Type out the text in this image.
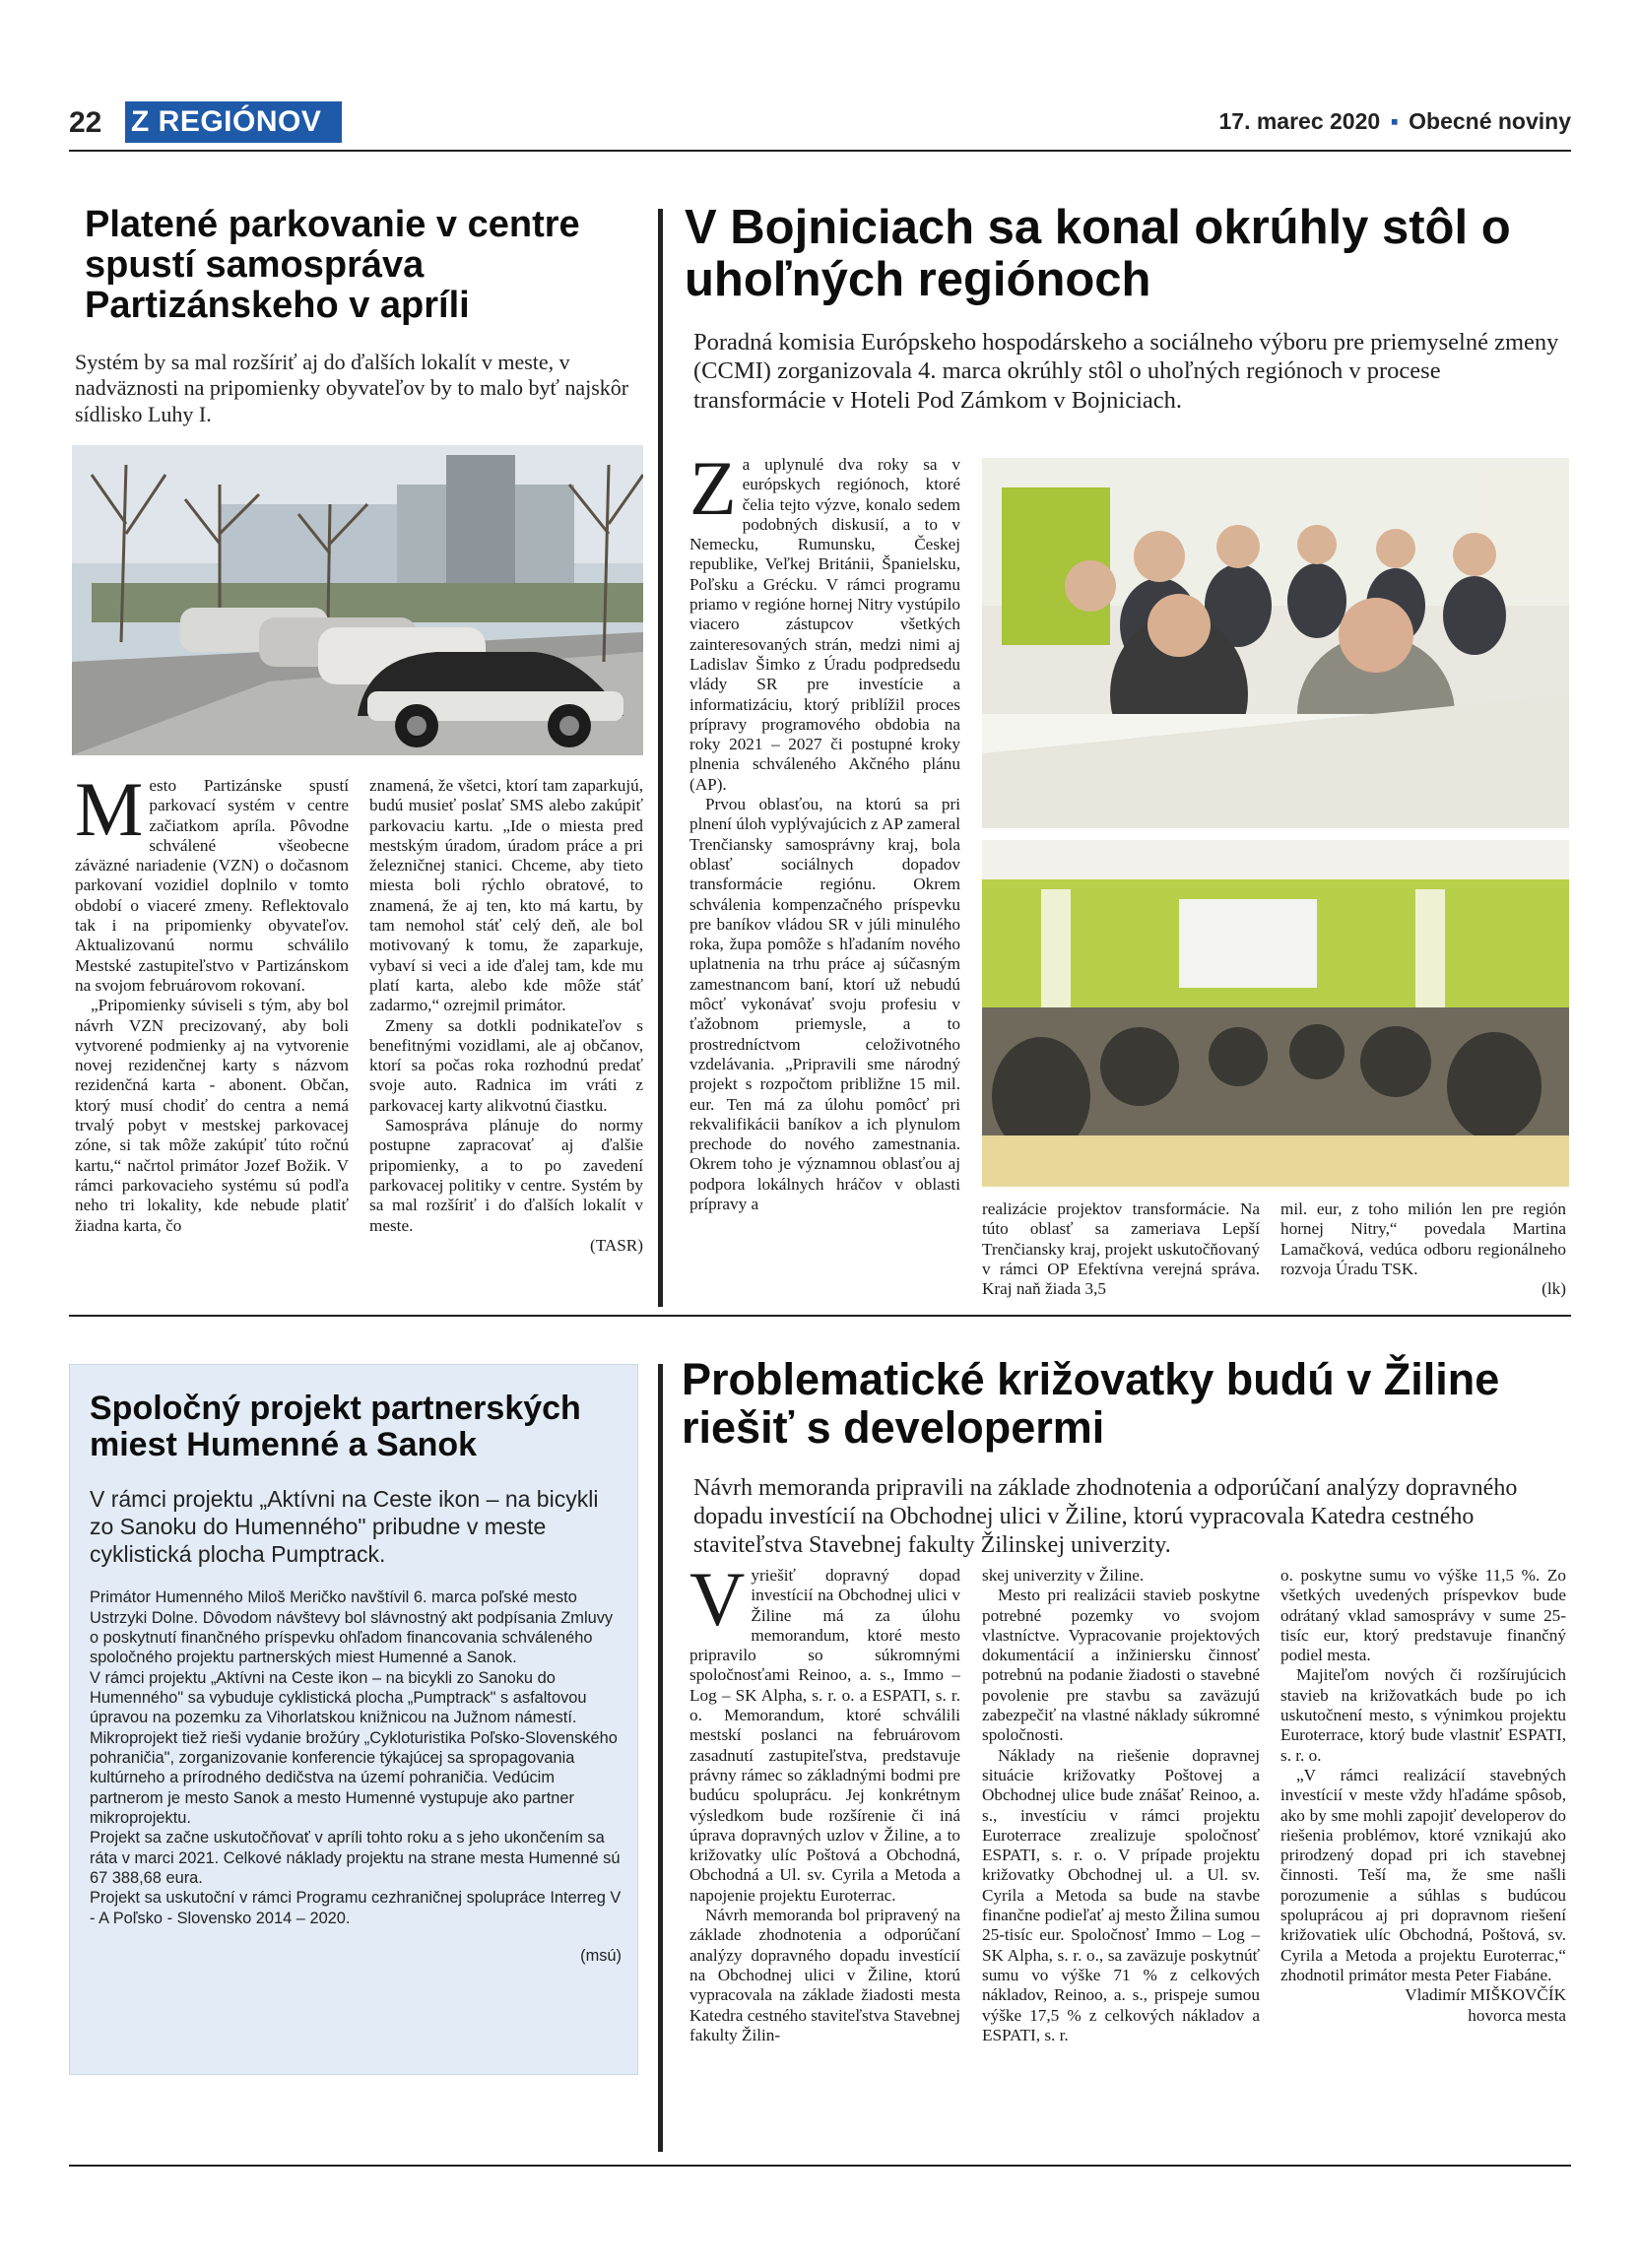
22 Z REGIÓNOV	17. marec 2020 ▪ Obecné noviny
Platené parkovanie v centre spustí samospráva Partizánskeho v apríli

Systém by sa mal rozšíriť aj do ďalších lokalít v meste, v nadväznosti na pripomienky obyvateľov by to malo byť najskôr sídlisko Luhy I.

Mesto Partizánske spustí parkovací systém v centre začiatkom apríla. Pôvodne schválené všeobecne záväzné nariadenie (VZN) o dočasnom parkovaní vozidiel doplnilo v tomto období o viaceré zmeny. Reflektovalo tak i na pripomienky obyvateľov. Aktualizovanú normu schválilo Mestské zastupiteľstvo v Partizánskom na svojom februárovom rokovaní.

„Pripomienky súviseli s tým, aby bol návrh VZN precizovaný, aby boli vytvorené podmienky aj na vytvorenie novej rezidenčnej karty s názvom rezidenčná karta - abonent. Občan, ktorý musí chodiť do centra a nemá trvalý pobyt v mestskej parkovacej zóne, si tak môže zakúpiť túto ročnú kartu,“ načrtol primátor Jozef Božik. V rámci parkovacieho systému sú podľa neho tri lokality, kde nebude platiť žiadna karta, čo

znamená, že všetci, ktorí tam zaparkujú, budú musieť poslať SMS alebo zakúpiť parkovaciu kartu. „Ide o miesta pred mestským úradom, úradom práce a pri železničnej stanici. Chceme, aby tieto miesta boli rýchlo obratové, to znamená, že aj ten, kto má kartu, by tam nemohol stáť celý deň, ale bol motivovaný k tomu, že zaparkuje, vybaví si veci a ide ďalej tam, kde mu platí karta, alebo kde môže stáť zadarmo,“ ozrejmil primátor.

Zmeny sa dotkli podnikateľov s benefitnými vozidlami, ale aj občanov, ktorí sa počas roka rozhodnú predať svoje auto. Radnica im vráti z parkovacej karty alikvotnú čiastku.

Samospráva plánuje do normy postupne zapracovať aj ďalšie pripomienky, a to po zavedení parkovacej politiky v centre. Systém by sa mal rozšíriť i do ďalších lokalít v meste.

(TASR)

V Bojniciach sa konal okrúhly stôl o uhoľných regiónoch

Poradná komisia Európskeho hospodárskeho a sociálneho výboru pre priemyselné zmeny (CCMI) zorganizovala 4. marca okrúhly stôl o uhoľných regiónoch v procese transformácie v Hoteli Pod Zámkom v Bojniciach.

Za uplynulé dva roky sa v európskych regiónoch, ktoré čelia tejto výzve, konalo sedem podobných diskusií, a to v Nemecku, Rumunsku, Českej republike, Veľkej Británii, Španielsku, Poľsku a Grécku. V rámci programu priamo v regióne hornej Nitry vystúpilo viacero zástupcov všetkých zainteresovaných strán, medzi nimi aj Ladislav Šimko z Úradu podpredsedu vlády SR pre investície a informatizáciu, ktorý priblížil proces prípravy programového obdobia na roky 2021 – 2027 či postupné kroky plnenia schváleného Akčného plánu (AP).

Prvou oblasťou, na ktorú sa pri plnení úloh vyplývajúcich z AP zameral Trenčiansky samosprávny kraj, bola oblasť sociálnych dopadov transformácie regiónu. Okrem schválenia kompenzačného príspevku pre baníkov vládou SR v júli minulého roka, župa pomôže s hľadaním nového uplatnenia na trhu práce aj súčasným zamestnancom baní, ktorí už nebudú môcť vykonávať svoju profesiu v ťažobnom priemysle, a to prostredníctvom celoživotného vzdelávania. „Pripravili sme národný projekt s rozpočtom približne 15 mil. eur. Ten má za úlohu pomôcť pri rekvalifikácii baníkov a ich plynulom prechode do nového zamestnania. Okrem toho je významnou oblasťou aj podpora lokálnych hráčov v oblasti prípravy a	realizácie projektov transformácie. Na túto oblasť sa zameriava Lepší Trenčiansky kraj, projekt uskutočňovaný v rámci OP Efektívna verejná správa. Kraj naň žiada 3,5

mil. eur, z toho milión len pre región hornej Nitry,“ povedala Martina Lamačková, vedúca odboru regionálneho rozvoja Úradu TSK.

(lk)

Spoločný projekt partnerských miest Humenné a Sanok

V rámci projektu „Aktívni na Ceste ikon – na bicykli zo Sanoku do Humenného" pribudne v meste cyklistická plocha Pumptrack.

Primátor Humenného Miloš Meričko navštívil 6. marca poľské mesto Ustrzyki Dolne. Dôvodom návštevy bol slávnostný akt podpísania Zmluvy o poskytnutí finančného príspevku ohľadom financovania schváleného spoločného projektu partnerských miest Humenné a Sanok.

V rámci projektu „Aktívni na Ceste ikon – na bicykli zo Sanoku do Humenného" sa vybuduje cyklistická plocha „Pumptrack" s asfaltovou úpravou na pozemku za Vihorlatskou knižnicou na Južnom námestí. Mikroprojekt tiež rieši vydanie brožúry „Cykloturistika Poľsko-Slovenského pohraničia", zorganizovanie konferencie týkajúcej sa spropagovania kultúrneho a prírodného dedičstva na území pohraničia. Vedúcim partnerom je mesto Sanok a mesto Humenné vystupuje ako partner mikroprojektu.

Projekt sa začne uskutočňovať v apríli tohto roku a s jeho ukončením sa ráta v marci 2021. Celkové náklady projektu na strane mesta Humenné sú 67 388,68 eura.

Projekt sa uskutoční v rámci Programu cezhraničnej spolupráce Interreg V - A Poľsko - Slovensko 2014 – 2020.

(msú)

Problematické križovatky budú v Žiline riešiť s developermi

Návrh memoranda pripravili na základe zhodnotenia a odporúčaní analýzy dopravného dopadu investícií na Obchodnej ulici v Žiline, ktorú vypracovala Katedra cestného staviteľstva Stavebnej fakulty Žilinskej univerzity.

Vyriešiť dopravný dopad investícií na Obchodnej ulici v Žiline má za úlohu memorandum, ktoré mesto pripravilo so súkromnými spoločnosťami Reinoo, a. s., Immo – Log – SK Alpha, s. r. o. a ESPATI, s. r. o. Memorandum, ktoré schválili mestskí poslanci na februárovom zasadnutí zastupiteľstva, predstavuje právny rámec so základnými bodmi pre budúcu spoluprácu. Jej konkrétnym výsledkom bude rozšírenie či iná úprava dopravných uzlov v Žiline, a to križovatky ulíc Poštová a Obchodná, Obchodná a Ul. sv. Cyrila a Metoda a napojenie projektu Euroterrac.

Návrh memoranda bol pripravený na základe zhodnotenia a odporúčaní analýzy dopravného dopadu investícií na Obchodnej ulici v Žiline, ktorú vypracovala na základe žiadosti mesta Katedra cestného staviteľstva Stavebnej fakulty Žilin-

skej univerzity v Žiline.

Mesto pri realizácii stavieb poskytne potrebné pozemky vo svojom vlastníctve. Vypracovanie projektových dokumentácií a inžiniersku činnosť potrebnú na podanie žiadosti o stavebné povolenie pre stavbu sa zaväzujú zabezpečiť na vlastné náklady súkromné spoločnosti.

Náklady na riešenie dopravnej situácie križovatky Poštovej a Obchodnej ulice bude znášať Reinoo, a. s., investíciu v rámci projektu Euroterrace zrealizuje spoločnosť ESPATI, s. r. o. V prípade projektu križovatky Obchodnej ul. a Ul. sv. Cyrila a Metoda sa bude na stavbe finančne podieľať aj mesto Žilina sumou 25-tisíc eur. Spoločnosť Immo – Log – SK Alpha, s. r. o., sa zaväzuje poskytnúť sumu vo výške 71 % z celkových nákladov, Reinoo, a. s., prispeje sumou výške 17,5 % z celkových nákladov a ESPATI, s. r.

o. poskytne sumu vo výške 11,5 %. Zo všetkých uvedených príspevkov bude odrátaný vklad samosprávy v sume 25-tisíc eur, ktorý predstavuje finančný podiel mesta.

Majiteľom nových či rozšírujúcich stavieb na križovatkách bude po ich uskutočnení mesto, s výnimkou projektu Euroterrace, ktorý bude vlastniť ESPATI, s. r. o.

„V rámci realizácií stavebných investícií v meste vždy hľadáme spôsob, ako by sme mohli zapojiť developerov do riešenia problémov, ktoré vznikajú ako prirodzený dopad pri ich stavebnej činnosti. Teší ma, že sme našli porozumenie a súhlas s budúcou spoluprácou aj pri dopravnom riešení križovatiek ulíc Obchodná, Poštová, sv. Cyrila a Metoda a projektu Euroterrac,“ zhodnotil primátor mesta Peter Fiabáne.

Vladimír MIŠKOVČÍK

hovorca mesta
